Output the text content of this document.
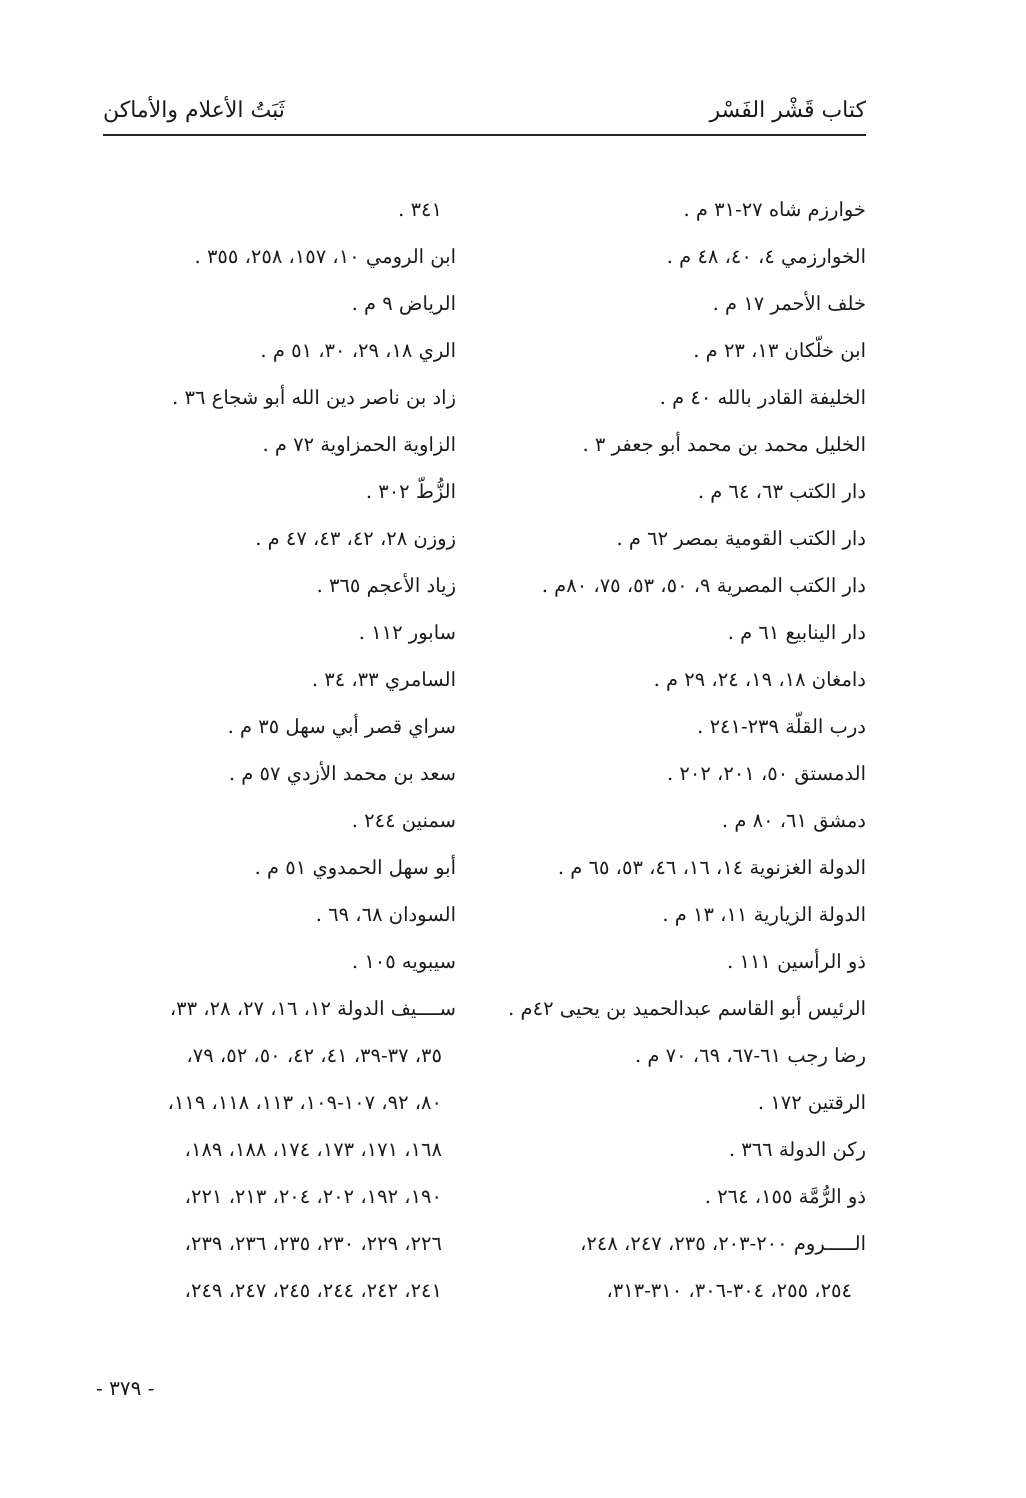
كتاب قَشْر الفَسْر
ثَبَتُ الأعلام والأماكن
خوارزم شاه ٢٧-٣١ م .
الخوارزمي ٤، ٤٠، ٤٨ م .
خلف الأحمر ١٧ م .
ابن خلّكان ١٣، ٢٣ م .
الخليفة القادر بالله ٤٠ م .
الخليل محمد بن محمد أبو جعفر ٣ .
دار الكتب ٦٣، ٦٤ م .
دار الكتب القومية بمصر ٦٢ م .
دار الكتب المصرية ٩، ٥٠، ٥٣، ٧٥، ٨٠م .
دار الينابيع ٦١ م .
دامغان ١٨، ١٩، ٢٤، ٢٩ م .
درب القلّة ٢٣٩-٢٤١ .
الدمستق ٥٠، ٢٠١، ٢٠٢ .
دمشق ٦١، ٨٠ م .
الدولة الغزنوية ١٤، ١٦، ٤٦، ٥٣، ٦٥ م .
الدولة الزيارية ١١، ١٣ م .
ذو الرأسين ١١١ .
الرئيس أبو القاسم عبدالحميد بن يحيى ٤٢م .
رضا رجب ٦١-٦٧، ٦٩، ٧٠ م .
الرقتين ١٧٢ .
ركن الدولة ٣٦٦ .
ذو الرُّمَّة ١٥٥، ٢٦٤ .
الـــــروم ٢٠٠-٢٠٣، ٢٣٥، ٢٤٧، ٢٤٨،
٢٥٤، ٢٥٥، ٣٠٤-٣٠٦، ٣١٠-٣١٣،
٣٤١ .
ابن الرومي ١٠، ١٥٧، ٢٥٨، ٣٥٥ .
الرياض ٩ م .
الري ١٨، ٢٩، ٣٠، ٥١ م .
زاد بن ناصر دين الله أبو شجاع ٣٦ .
الزاوية الحمزاوية ٧٢ م .
الزُّطّ ٣٠٢ .
زوزن ٢٨، ٤٢، ٤٣، ٤٧ م .
زياد الأعجم ٣٦٥ .
سابور ١١٢ .
السامري ٣٣، ٣٤ .
سراي قصر أبي سهل ٣٥ م .
سعد بن محمد الأزدي ٥٧ م .
سمنين ٢٤٤ .
أبو سهل الحمدوي ٥١ م .
السودان ٦٨، ٦٩ .
سيبويه ١٠٥ .
ســــيف الدولة ١٢، ١٦، ٢٧، ٢٨، ٣٣،
٣٥، ٣٧-٣٩، ٤١، ٤٢، ٥٠، ٥٢، ٧٩،
٨٠، ٩٢، ١٠٧-١٠٩، ١١٣، ١١٨، ١١٩،
١٦٨، ١٧١، ١٧٣، ١٧٤، ١٨٨، ١٨٩،
١٩٠، ١٩٢، ٢٠٢، ٢٠٤، ٢١٣، ٢٢١،
٢٢٦، ٢٢٩، ٢٣٠، ٢٣٥، ٢٣٦، ٢٣٩،
٢٤١، ٢٤٢، ٢٤٤، ٢٤٥، ٢٤٧، ٢٤٩،
- ٣٧٩ -
